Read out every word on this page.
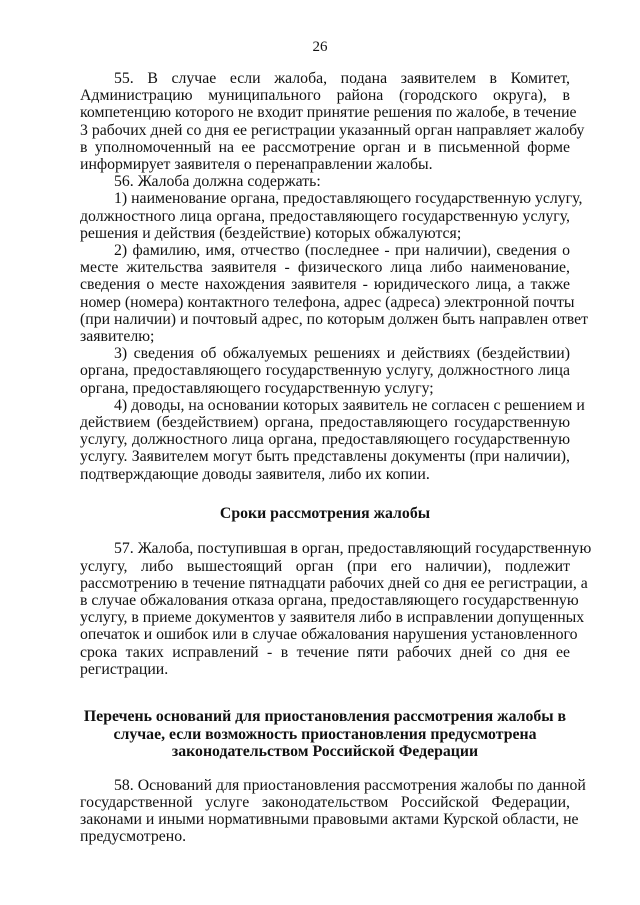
26

55. В случае если жалоба, подана заявителем в Комитет,
Администрацию муниципального района (городского округа), в
компетенцию которого не входит принятие решения по жалобе, в течение
3 рабочих дней со дня ее регистрации указанный орган направляет жалобу
в уполномоченный на ее рассмотрение орган и в письменной форме
информирует заявителя о перенаправлении жалобы.

56. Жалоба должна содержать:

1) наименование органа, предоставляющего государственную услугу,
должностного лица органа, предоставляющего государственную услугу,
решения и действия (бездействие) которых обжалуются;

2) фамилию, имя, отчество (последнее - при наличии), сведения о
месте жительства заявителя - физического лица либо наименование,
сведения о месте нахождения заявителя - юридического лица, а также
номер (номера) контактного телефона, адрес (адреса) электронной почты
(при наличии) и почтовый адрес, по которым должен быть направлен ответ
заявителю;

3) сведения об обжалуемых решениях и действиях (бездействии)
органа, предоставляющего государственную услугу, должностного лица
органа, предоставляющего государственную услугу;

4) доводы, на основании которых заявитель не согласен с решением и
действием (бездействием) органа, предоставляющего государственную
услугу, должностного лица органа, предоставляющего государственную
услугу. Заявителем могут быть представлены документы (при наличии),
подтверждающие доводы заявителя, либо их копии.

Сроки рассмотрения жалобы

57. Жалоба, поступившая в орган, предоставляющий государственную
услугу, либо вышестоящий орган (при его наличии), подлежит
рассмотрению в течение пятнадцати рабочих дней со дня ее регистрации, а
в случае обжалования отказа органа, предоставляющего государственную
услугу, в приеме документов у заявителя либо в исправлении допущенных
опечаток и ошибок или в случае обжалования нарушения установленного
срока таких исправлений - в течение пяти рабочих дней со дня ее
регистрации.

Перечень оснований для приостановления рассмотрения жалобы в

случае, если возможность приостановления предусмотрена

законодательством Российской Федерации

58. Оснований для приостановления рассмотрения жалобы по данной
государственной услуге законодательством Российской Федерации,
законами и иными нормативными правовыми актами Курской области, не
предусмотрено.
